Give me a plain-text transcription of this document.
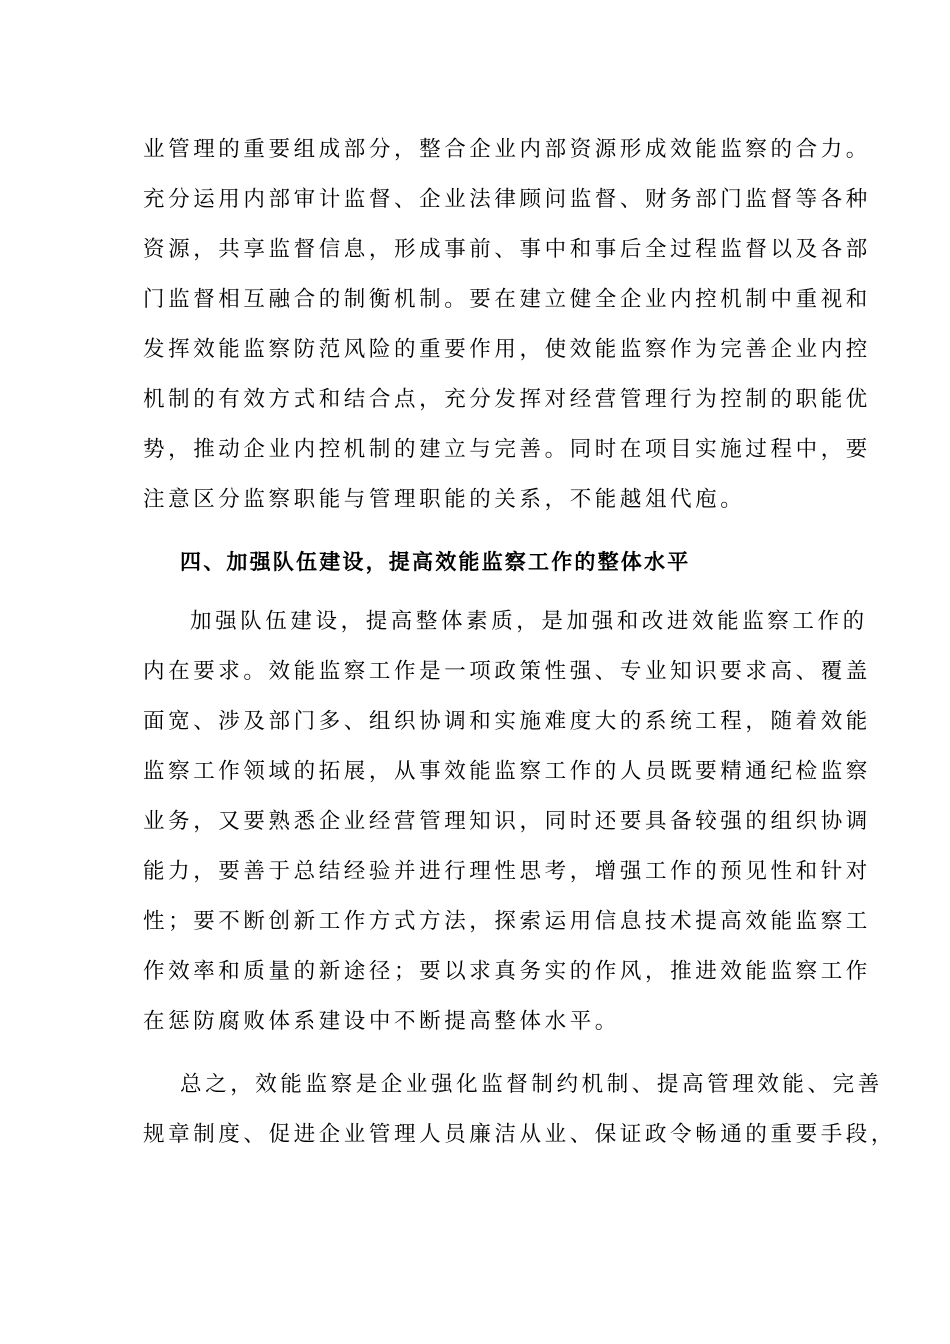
业管理的重要组成部分，整合企业内部资源形成效能监察的合力。
充分运用内部审计监督、企业法律顾问监督、财务部门监督等各种
资源，共享监督信息，形成事前、事中和事后全过程监督以及各部
门监督相互融合的制衡机制。要在建立健全企业内控机制中重视和
发挥效能监察防范风险的重要作用，使效能监察作为完善企业内控
机制的有效方式和结合点，充分发挥对经营管理行为控制的职能优
势，推动企业内控机制的建立与完善。同时在项目实施过程中，要
注意区分监察职能与管理职能的关系，不能越俎代庖。
四、加强队伍建设，提高效能监察工作的整体水平
加强队伍建设，提高整体素质，是加强和改进效能监察工作的
内在要求。效能监察工作是一项政策性强、专业知识要求高、覆盖
面宽、涉及部门多、组织协调和实施难度大的系统工程，随着效能
监察工作领域的拓展，从事效能监察工作的人员既要精通纪检监察
业务，又要熟悉企业经营管理知识，同时还要具备较强的组织协调
能力，要善于总结经验并进行理性思考，增强工作的预见性和针对
性；要不断创新工作方式方法，探索运用信息技术提高效能监察工
作效率和质量的新途径；要以求真务实的作风，推进效能监察工作
在惩防腐败体系建设中不断提高整体水平。
总之，效能监察是企业强化监督制约机制、提高管理效能、完善
规章制度、促进企业管理人员廉洁从业、保证政令畅通的重要手段，
